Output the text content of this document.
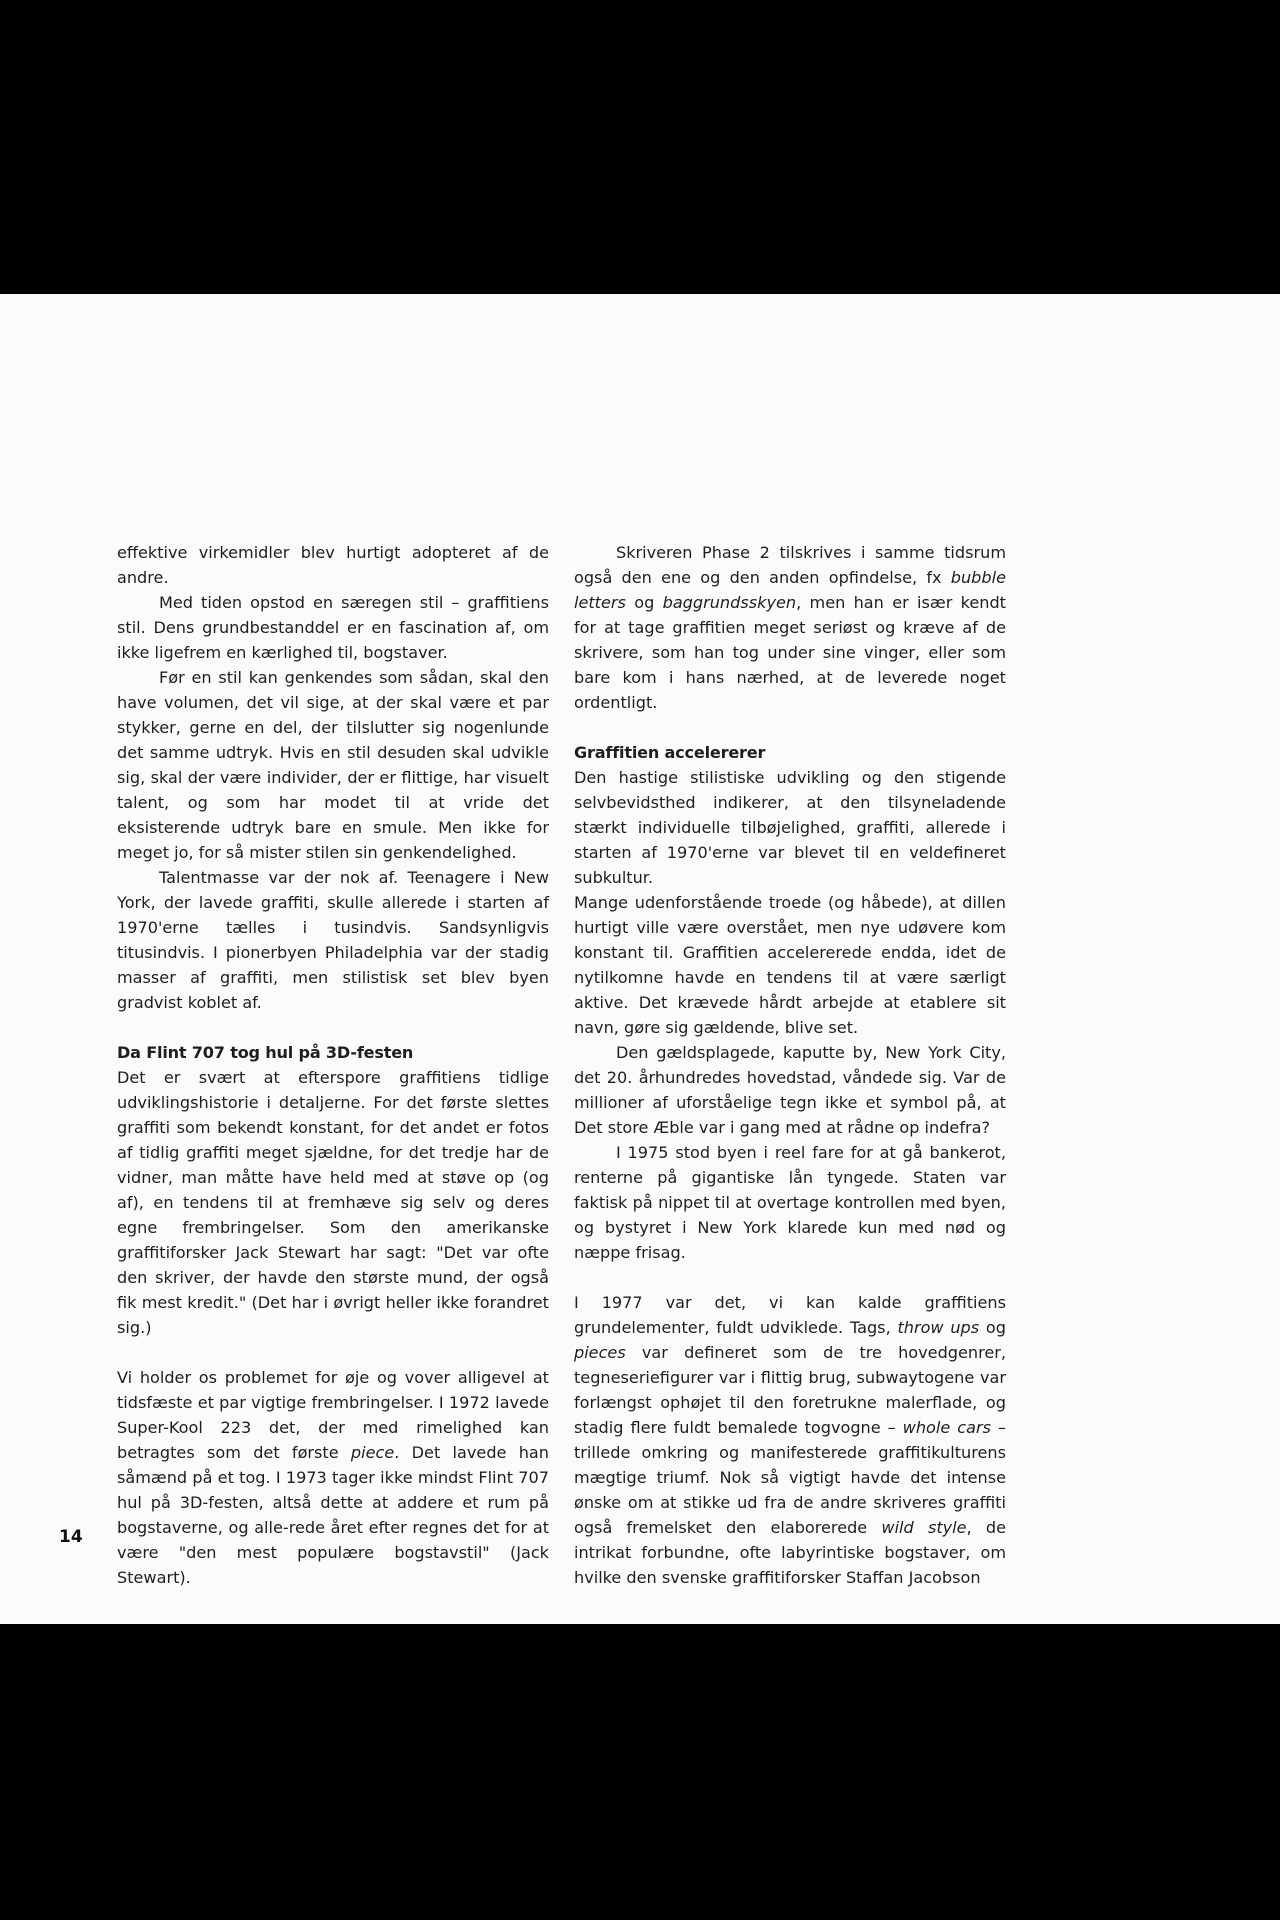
effektive virkemidler blev hurtigt adopteret af de andre.

Med tiden opstod en særegen stil – graffitiens stil. Dens grundbestanddel er en fascination af, om ikke ligefrem en kærlighed til, bogstaver.

Før en stil kan genkendes som sådan, skal den have volumen, det vil sige, at der skal være et par stykker, gerne en del, der tilslutter sig nogenlunde det samme udtryk. Hvis en stil desuden skal udvikle sig, skal der være individer, der er flittige, har visuelt talent, og som har modet til at vride det eksisterende udtryk bare en smule. Men ikke for meget jo, for så mister stilen sin genkendelighed.

Talentmasse var der nok af. Teenagere i New York, der lavede graffiti, skulle allerede i starten af 1970'erne tælles i tusindvis. Sandsynligvis titusindvis. I pionerbyen Philadelphia var der stadig masser af graffiti, men stilistisk set blev byen gradvist koblet af.

Da Flint 707 tog hul på 3D-festen

Det er svært at efterspore graffitiens tidlige udviklingshistorie i detaljerne. For det første slettes graffiti som bekendt konstant, for det andet er fotos af tidlig graffiti meget sjældne, for det tredje har de vidner, man måtte have held med at støve op (og af), en tendens til at fremhæve sig selv og deres egne frembringelser. Som den amerikanske graffitiforsker Jack Stewart har sagt: "Det var ofte den skriver, der havde den største mund, der også fik mest kredit." (Det har i øvrigt heller ikke forandret sig.)

Vi holder os problemet for øje og vover alligevel at tidsfæste et par vigtige frembringelser. I 1972 lavede Super-Kool 223 det, der med rimelighed kan betragtes som det første piece. Det lavede han såmænd på et tog. I 1973 tager ikke mindst Flint 707 hul på 3D-festen, altså dette at addere et rum på bogstaverne, og alle-rede året efter regnes det for at være "den mest populære bogstavstil" (Jack Stewart).

Skriveren Phase 2 tilskrives i samme tidsrum også den ene og den anden opfindelse, fx bubble letters og baggrundsskyen, men han er især kendt for at tage graffitien meget seriøst og kræve af de skrivere, som han tog under sine vinger, eller som bare kom i hans nærhed, at de leverede noget ordentligt.

Graffitien accelererer

Den hastige stilistiske udvikling og den stigende selvbevidsthed indikerer, at den tilsyneladende stærkt individuelle tilbøjelighed, graffiti, allerede i starten af 1970'erne var blevet til en veldefineret subkultur.

Mange udenforstående troede (og håbede), at dillen hurtigt ville være overstået, men nye udøvere kom konstant til. Graffitien accelererede endda, idet de nytilkomne havde en tendens til at være særligt aktive. Det krævede hårdt arbejde at etablere sit navn, gøre sig gældende, blive set.

Den gældsplagede, kaputte by, New York City, det 20. århundredes hovedstad, våndede sig. Var de millioner af uforståelige tegn ikke et symbol på, at Det store Æble var i gang med at rådne op indefra?

I 1975 stod byen i reel fare for at gå bankerot, renterne på gigantiske lån tyngede. Staten var faktisk på nippet til at overtage kontrollen med byen, og bystyret i New York klarede kun med nød og næppe frisag.

I 1977 var det, vi kan kalde graffitiens grundelementer, fuldt udviklede. Tags, throw ups og pieces var defineret som de tre hovedgenrer, tegneseriefigurer var i flittig brug, subwaytogene var forlængst ophøjet til den foretrukne malerflade, og stadig flere fuldt bemalede togvogne – whole cars – trillede omkring og manifesterede graffitikulturens mægtige triumf. Nok så vigtigt havde det intense ønske om at stikke ud fra de andre skriveres graffiti også fremelsket den elaborerede wild style, de intrikat forbundne, ofte labyrintiske bogstaver, om hvilke den svenske graffitiforsker Staffan Jacobson

14
